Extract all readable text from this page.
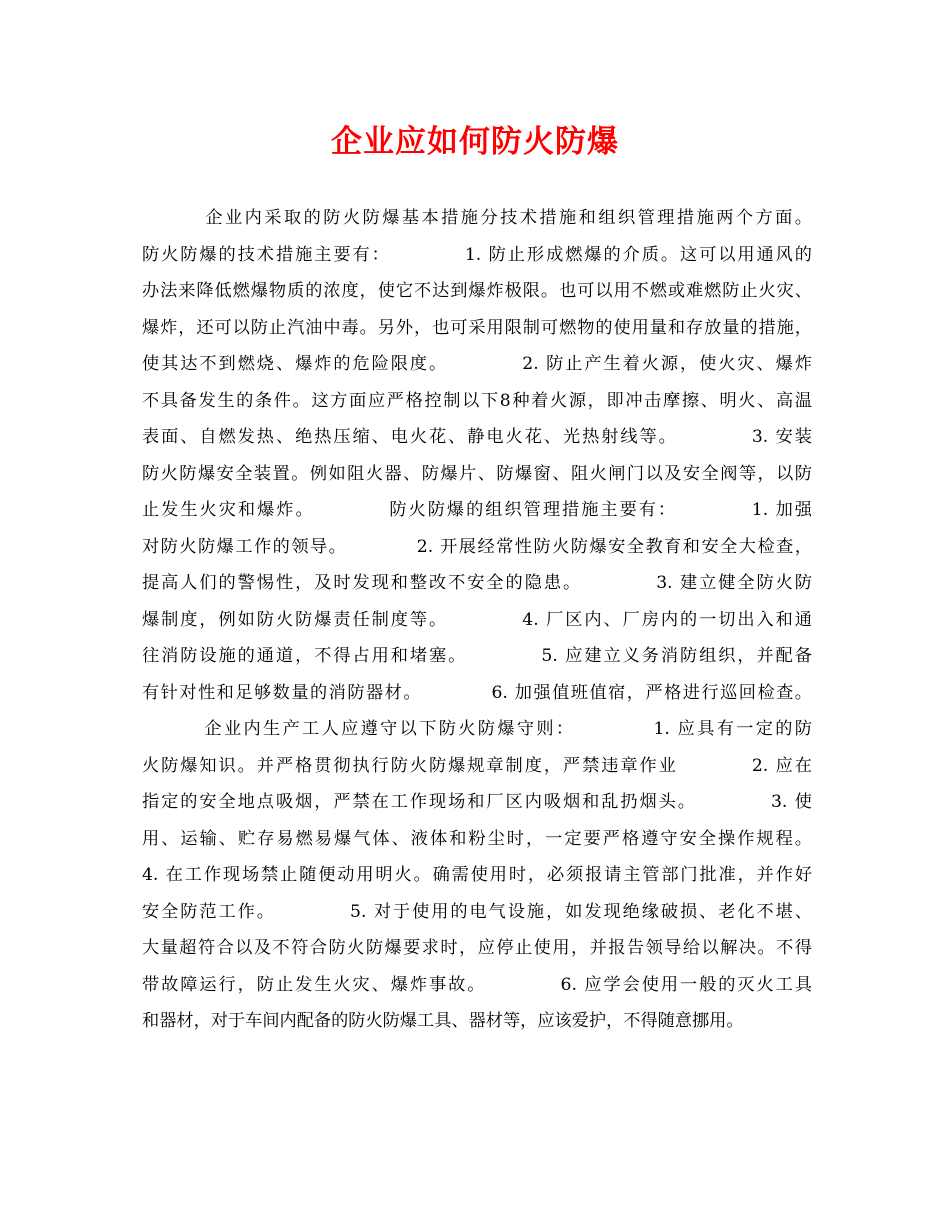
企业应如何防火防爆
企业内采取的防火防爆基本措施分技术措施和组织管理措施两个方面。
防火防爆的技术措施主要有：          1. 防止形成燃爆的介质。这可以用通风的
办法来降低燃爆物质的浓度，使它不达到爆炸极限。也可以用不燃或难燃防止火灾、
爆炸，还可以防止汽油中毒。另外，也可采用限制可燃物的使用量和存放量的措施，
使其达不到燃烧、爆炸的危险限度。          2. 防止产生着火源，使火灾、爆炸
不具备发生的条件。这方面应严格控制以下8种着火源，即冲击摩擦、明火、高温
表面、自燃发热、绝热压缩、电火花、静电火花、光热射线等。          3. 安装
防火防爆安全装置。例如阻火器、防爆片、防爆窗、阻火闸门以及安全阀等，以防
止发生火灾和爆炸。          防火防爆的组织管理措施主要有：          1. 加强
对防火防爆工作的领导。          2. 开展经常性防火防爆安全教育和安全大检查，
提高人们的警惕性，及时发现和整改不安全的隐患。          3. 建立健全防火防
爆制度，例如防火防爆责任制度等。          4. 厂区内、厂房内的一切出入和通
往消防设施的通道，不得占用和堵塞。          5. 应建立义务消防组织，并配备
有针对性和足够数量的消防器材。          6. 加强值班值宿，严格进行巡回检查。
企业内生产工人应遵守以下防火防爆守则：          1. 应具有一定的防
火防爆知识。并严格贯彻执行防火防爆规章制度，严禁违章作业          2. 应在
指定的安全地点吸烟，严禁在工作现场和厂区内吸烟和乱扔烟头。          3. 使
用、运输、贮存易燃易爆气体、液体和粉尘时，一定要严格遵守安全操作规程。
4. 在工作现场禁止随便动用明火。确需使用时，必须报请主管部门批准，并作好
安全防范工作。          5. 对于使用的电气设施，如发现绝缘破损、老化不堪、
大量超符合以及不符合防火防爆要求时，应停止使用，并报告领导给以解决。不得
带故障运行，防止发生火灾、爆炸事故。          6. 应学会使用一般的灭火工具
和器材，对于车间内配备的防火防爆工具、器材等，应该爱护，不得随意挪用。
